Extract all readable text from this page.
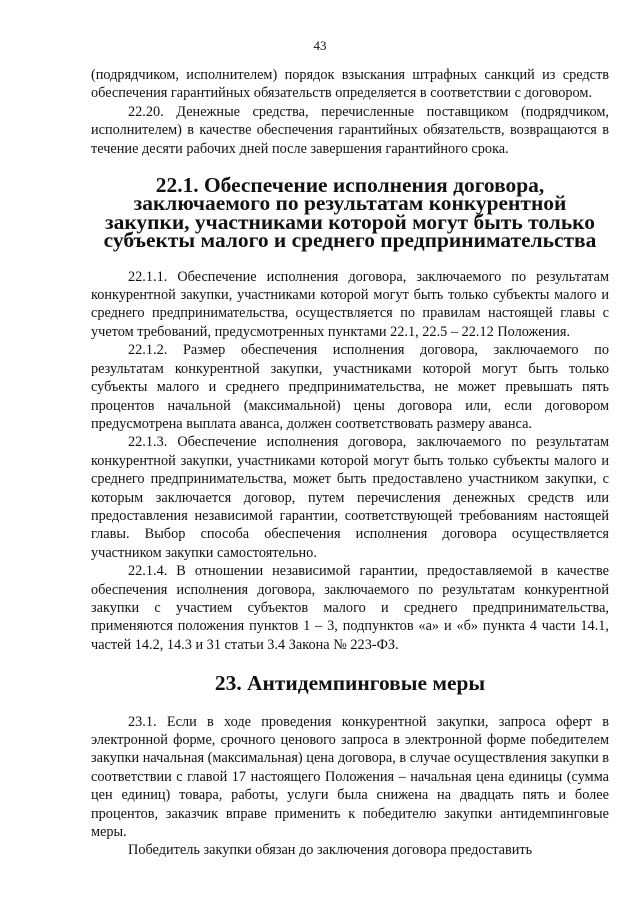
43

(подрядчиком, исполнителем) порядок взыскания штрафных санкций из средств обеспечения гарантийных обязательств определяется в соответствии с договором.

22.20. Денежные средства, перечисленные поставщиком (подрядчиком, исполнителем) в качестве обеспечения гарантийных обязательств, возвращаются в течение десяти рабочих дней после завершения гарантийного срока.

22.1. Обеспечение исполнения договора, заключаемого по результатам конкурентной закупки, участниками которой могут быть только субъекты малого и среднего предпринимательства

22.1.1. Обеспечение исполнения договора, заключаемого по результатам конкурентной закупки, участниками которой могут быть только субъекты малого и среднего предпринимательства, осуществляется по правилам настоящей главы с учетом требований, предусмотренных пунктами 22.1, 22.5 – 22.12 Положения.

22.1.2. Размер обеспечения исполнения договора, заключаемого по результатам конкурентной закупки, участниками которой могут быть только субъекты малого и среднего предпринимательства, не может превышать пять процентов начальной (максимальной) цены договора или, если договором предусмотрена выплата аванса, должен соответствовать размеру аванса.

22.1.3. Обеспечение исполнения договора, заключаемого по результатам конкурентной закупки, участниками которой могут быть только субъекты малого и среднего предпринимательства, может быть предоставлено участником закупки, с которым заключается договор, путем перечисления денежных средств или предоставления независимой гарантии, соответствующей требованиям настоящей главы. Выбор способа обеспечения исполнения договора осуществляется участником закупки самостоятельно.

22.1.4. В отношении независимой гарантии, предоставляемой в качестве обеспечения исполнения договора, заключаемого по результатам конкурентной закупки с участием субъектов малого и среднего предпринимательства, применяются положения пунктов 1 – 3, подпунктов «а» и «б» пункта 4 части 14.1, частей 14.2, 14.3 и 31 статьи 3.4 Закона № 223-ФЗ.

23. Антидемпинговые меры

23.1. Если в ходе проведения конкурентной закупки, запроса оферт в электронной форме, срочного ценового запроса в электронной форме победителем закупки начальная (максимальная) цена договора, в случае осуществления закупки в соответствии с главой 17 настоящего Положения – начальная цена единицы (сумма цен единиц) товара, работы, услуги была снижена на двадцать пять и более процентов, заказчик вправе применить к победителю закупки антидемпинговые меры.

Победитель закупки обязан до заключения договора предоставить
